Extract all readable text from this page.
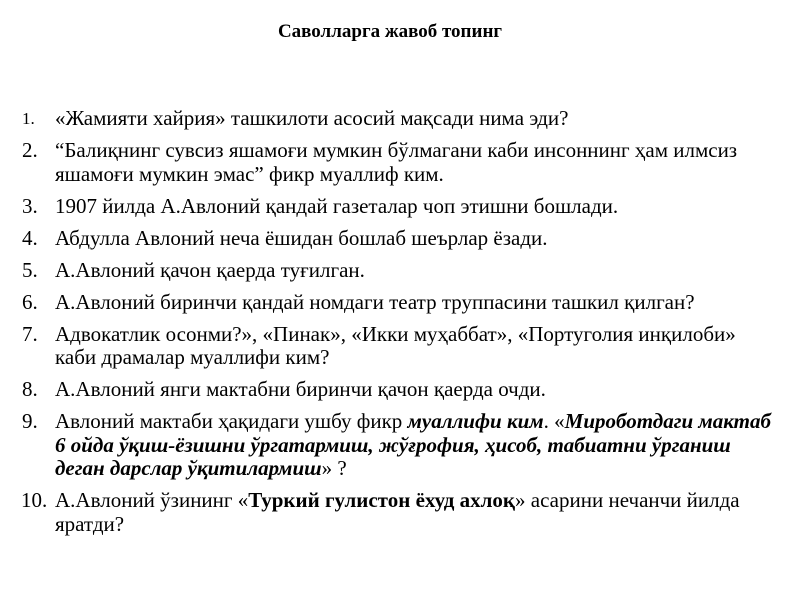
Саволларга жавоб топинг
1. «Жамияти хайрия» ташкилоти асосий мақсади нима эди?
2. “Балиқнинг сувсиз яшамоғи мумкин бўлмагани каби инсоннинг ҳам илмсиз яшамоғи мумкин эмас” фикр муаллиф ким.
3. 1907 йилда А.Авлоний қандай газеталар чоп этишни бошлади.
4. Абдулла Авлоний неча ёшидан бошлаб шеърлар ёзади.
5. А.Авлоний қачон қаерда туғилган.
6. А.Авлоний биринчи қандай номдаги театр труппасини ташкил қилган?
7. Адвокатлик осонми?», «Пинак», «Икки муҳаббат», «Португолия инқилоби» каби драмалар муаллифи ким?
8. А.Авлоний янги мактабни биринчи қачон қаерда очди.
9. Авлоний мактаби ҳақидаги ушбу фикр муаллифи ким. «Мироботдаги мактаб 6 ойда ўқиш-ёзишни ўргатармиш, жўғрофия, ҳисоб, табиатни ўрганиш деган дарслар ўқитилармиш» ?
10. А.Авлоний ўзининг «Туркий гулистон ёхуд ахлоқ» асарини нечанчи йилда яратди?
